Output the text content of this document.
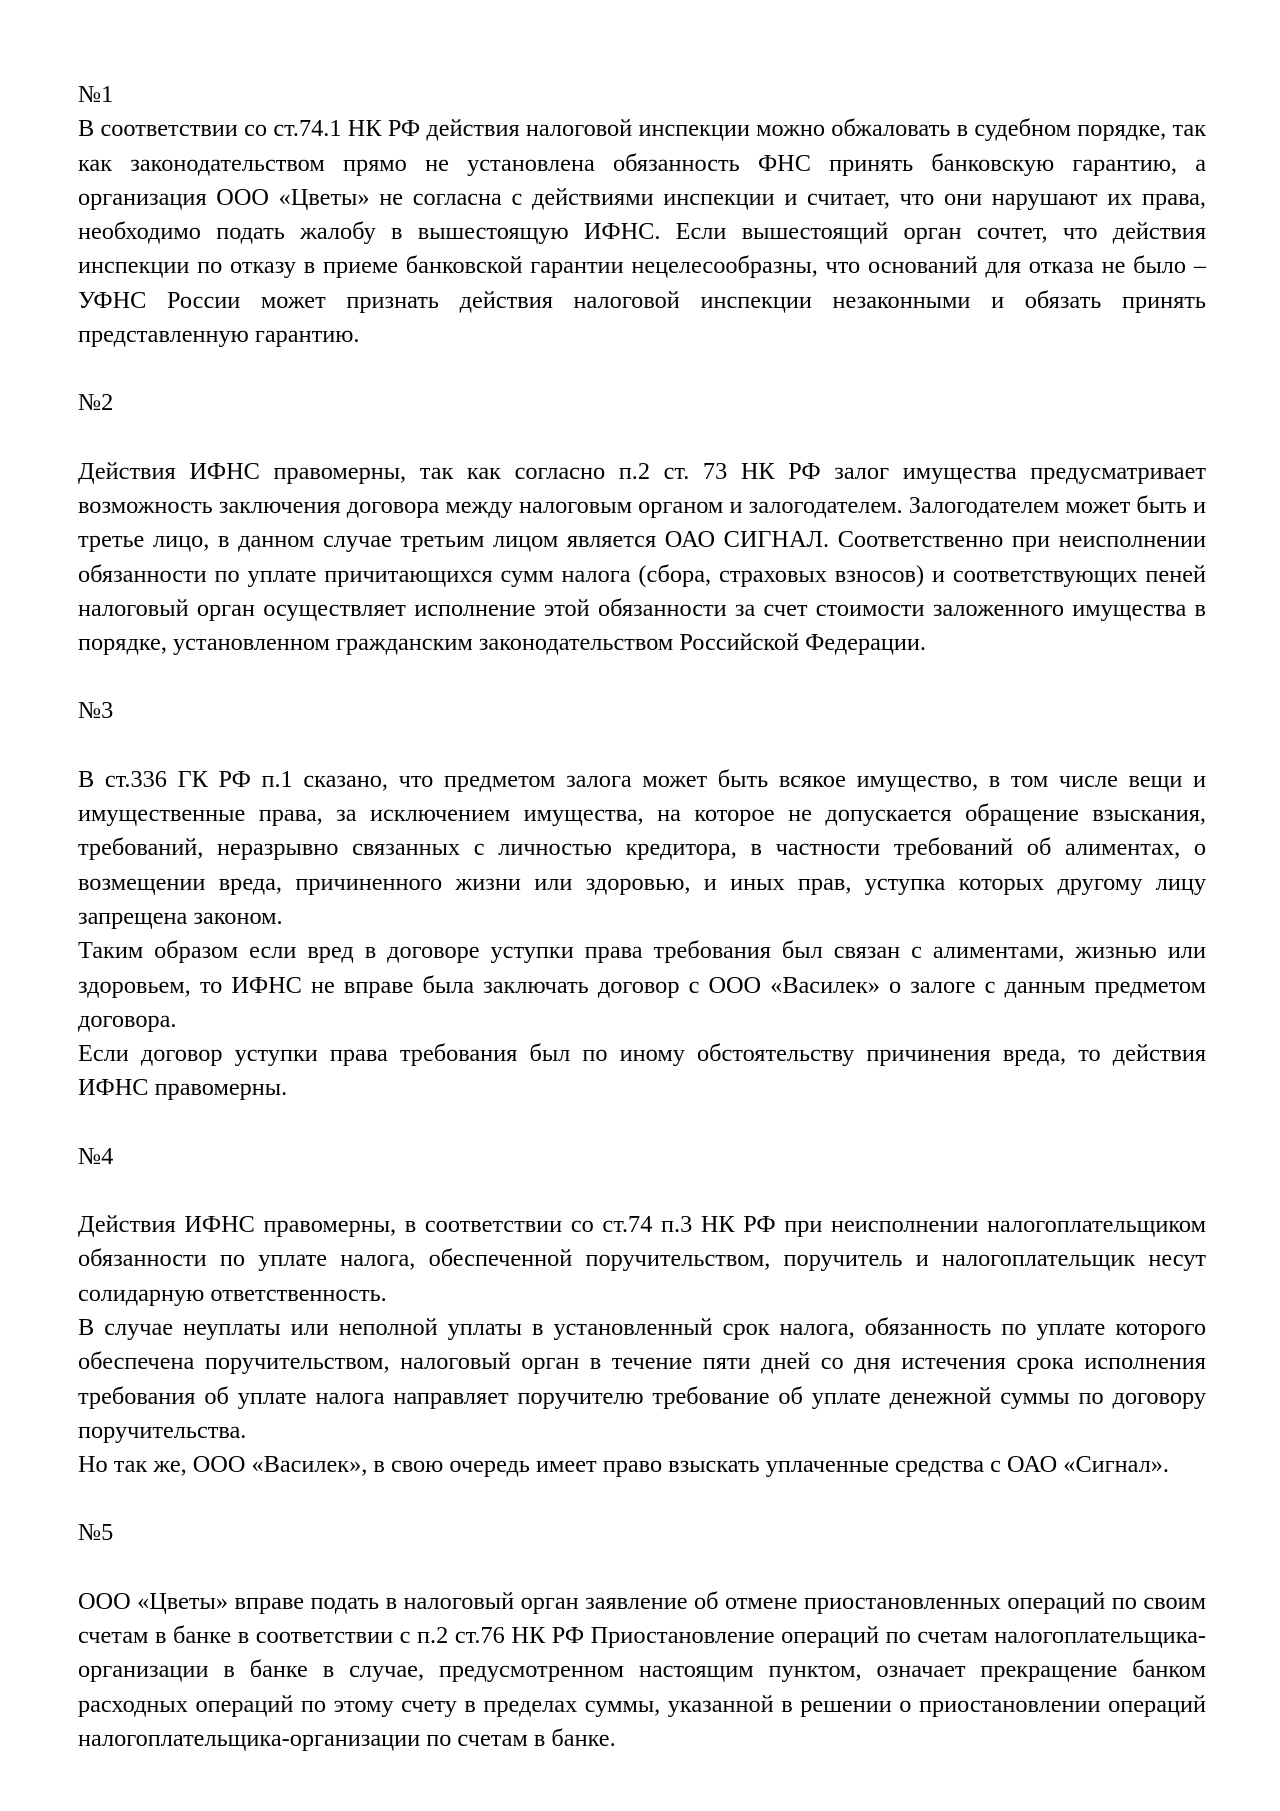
№1

В соответствии со ст.74.1 НК РФ действия налоговой инспекции можно обжаловать в судебном порядке, так как законодательством прямо не установлена обязанность ФНС принять банковскую гарантию, а организация ООО «Цветы» не согласна с действиями инспекции и считает, что они нарушают их права, необходимо подать жалобу в вышестоящую ИФНС. Если вышестоящий орган сочтет, что действия инспекции по отказу в приеме банковской гарантии нецелесообразны, что оснований для отказа не было – УФНС России может признать действия налоговой инспекции незаконными и обязать принять представленную гарантию.

№2

Действия ИФНС правомерны, так как согласно п.2 ст. 73 НК РФ залог имущества предусматривает возможность заключения договора между налоговым органом и залогодателем. Залогодателем может быть и третье лицо, в данном случае третьим лицом является ОАО СИГНАЛ. Соответственно при неисполнении обязанности по уплате причитающихся сумм налога (сбора, страховых взносов) и соответствующих пеней налоговый орган осуществляет исполнение этой обязанности за счет стоимости заложенного имущества в порядке, установленном гражданским законодательством Российской Федерации.

№3

В ст.336 ГК РФ п.1 сказано, что предметом залога может быть всякое имущество, в том числе вещи и имущественные права, за исключением имущества, на которое не допускается обращение взыскания, требований, неразрывно связанных с личностью кредитора, в частности требований об алиментах, о возмещении вреда, причиненного жизни или здоровью, и иных прав, уступка которых другому лицу запрещена законом.

Таким образом если вред в договоре уступки права требования был связан с алиментами, жизнью или здоровьем, то ИФНС не вправе была заключать договор с ООО «Василек» о залоге с данным предметом договора.

Если договор уступки права требования был по иному обстоятельству причинения вреда, то действия ИФНС правомерны.

№4

Действия ИФНС правомерны, в соответствии со ст.74 п.3 НК РФ при неисполнении налогоплательщиком обязанности по уплате налога, обеспеченной поручительством, поручитель и налогоплательщик несут солидарную ответственность.

В случае неуплаты или неполной уплаты в установленный срок налога, обязанность по уплате которого обеспечена поручительством, налоговый орган в течение пяти дней со дня истечения срока исполнения требования об уплате налога направляет поручителю требование об уплате денежной суммы по договору поручительства.

Но так же, ООО «Василек», в свою очередь имеет право взыскать уплаченные средства с ОАО «Сигнал».

№5

ООО «Цветы» вправе подать в налоговый орган заявление об отмене приостановленных операций по своим счетам в банке в соответствии с п.2 ст.76 НК РФ Приостановление операций по счетам налогоплательщика-организации в банке в случае, предусмотренном настоящим пунктом, означает прекращение банком расходных операций по этому счету в пределах суммы, указанной в решении о приостановлении операций налогоплательщика-организации по счетам в банке.
